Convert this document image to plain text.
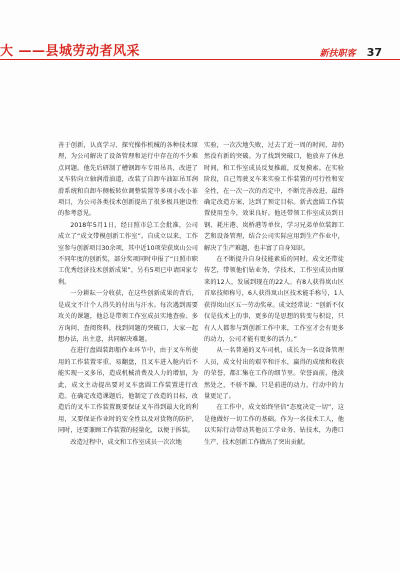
大 ——县城劳动者风采	新扶职客 37

善于创新，认真学习、探究操作机械的各种技术原理，为公司解决了设备管理和运行中存在的不少难点问题。他先后研制了槽钢卸车专用吊具，改进了叉车转向立轴润滑油道，改装了自卸车油缸吊耳润滑系统和自卸车侧板转位调整装置等多项小改小革项目，为公司各类技术创新提出了很多极具建设性的参考意见。

2018年5月1日，经日照市总工会批准，公司成立了“成文带模创新工作室”。自成立以来，工作室参与创新项目30余项，其中近10项荣获岚山公司不同年度的创新奖，部分奖项同时申报了“日照市职工优秀经济技术创新成果”，另有5项已申请国家专利。

一分耕耘一分收获，在这些创新成果的背后，是成文不计个人得失的付出与汗水。每次遇到需要攻关的课题，他总是带领工作室成员实地查验、多方询问、查阅资料，找到问题的突破口，大家一起想办法，出主意，共同解决难题。

在进行盘圆装卸船作业环节中，由于叉车所使用的工作装置零重、易翻盘，且叉车进入舱内后不能实现一叉多吊，造成机械消费及人力的增加，为此，成文主动提出要对叉车盘圆工作装置进行改造。在确定改造课题后，他制定了改造的目标，改造后的叉车工作装置既要保证叉车得到最大化的利用，又要保证作业时的安全性以及对货物的防护，同时，还要兼顾工作装置的轻量化，以便于拆装。

改造过程中，成文和工作室成员一次次地

实验，一次次地失败，过去了近一周的时间，却仍然没有新的突破。为了找到突破口，他放弃了休息时间，和工作室成员反复推敲，反复摸索。在实验阶段，自己驾驶叉车来实验工作装置的可行性和安全性，在一次一次的否定中，不断完善改进，最终确定改造方案，达到了预定目标。新式盘圆工作装置使用至今，效果良好。他还带领工作室成员到日钢、耗庄港、岚桥港等单位，学习兄弟单位装卸工艺和设备管理，结合公司实际应用到生产作业中，解决了生产难题，也丰富了自身知识。

在不断提升自身技能素质的同时，成文还带徒传艺，带领他们钻业务，学技术，工作室成员由原来的12人，发展到现在的22人。有8人获得岚山区首席技师称号，6人获得岚山区技术能手称号，1人获得岚山区五一劳动奖章。成文经常说：“创新不仅仅是技术上的事，更多的是思想的转变与积淀，只有人人都参与到创新工作中来，工作室才会有更多的动力，公司才能有更多的活力。”

从一名普通的叉车司机，成长为一名设备管理人员，成文付出的艰辛和汗水，赢得的成绩和收获的荣誉，都汇集在工作的细节里。荣誉面前，他淡然处之，不骄不躁，只是前进的动力，行动中的力量更足了。

在工作中，成文始终坚信“态度决定一切”，这是他做好一切工作的基础。作为一名技术工人，他以实际行动带动其他员工学业务、钻技术，为港口生产、技术创新工作做出了突出贡献。
